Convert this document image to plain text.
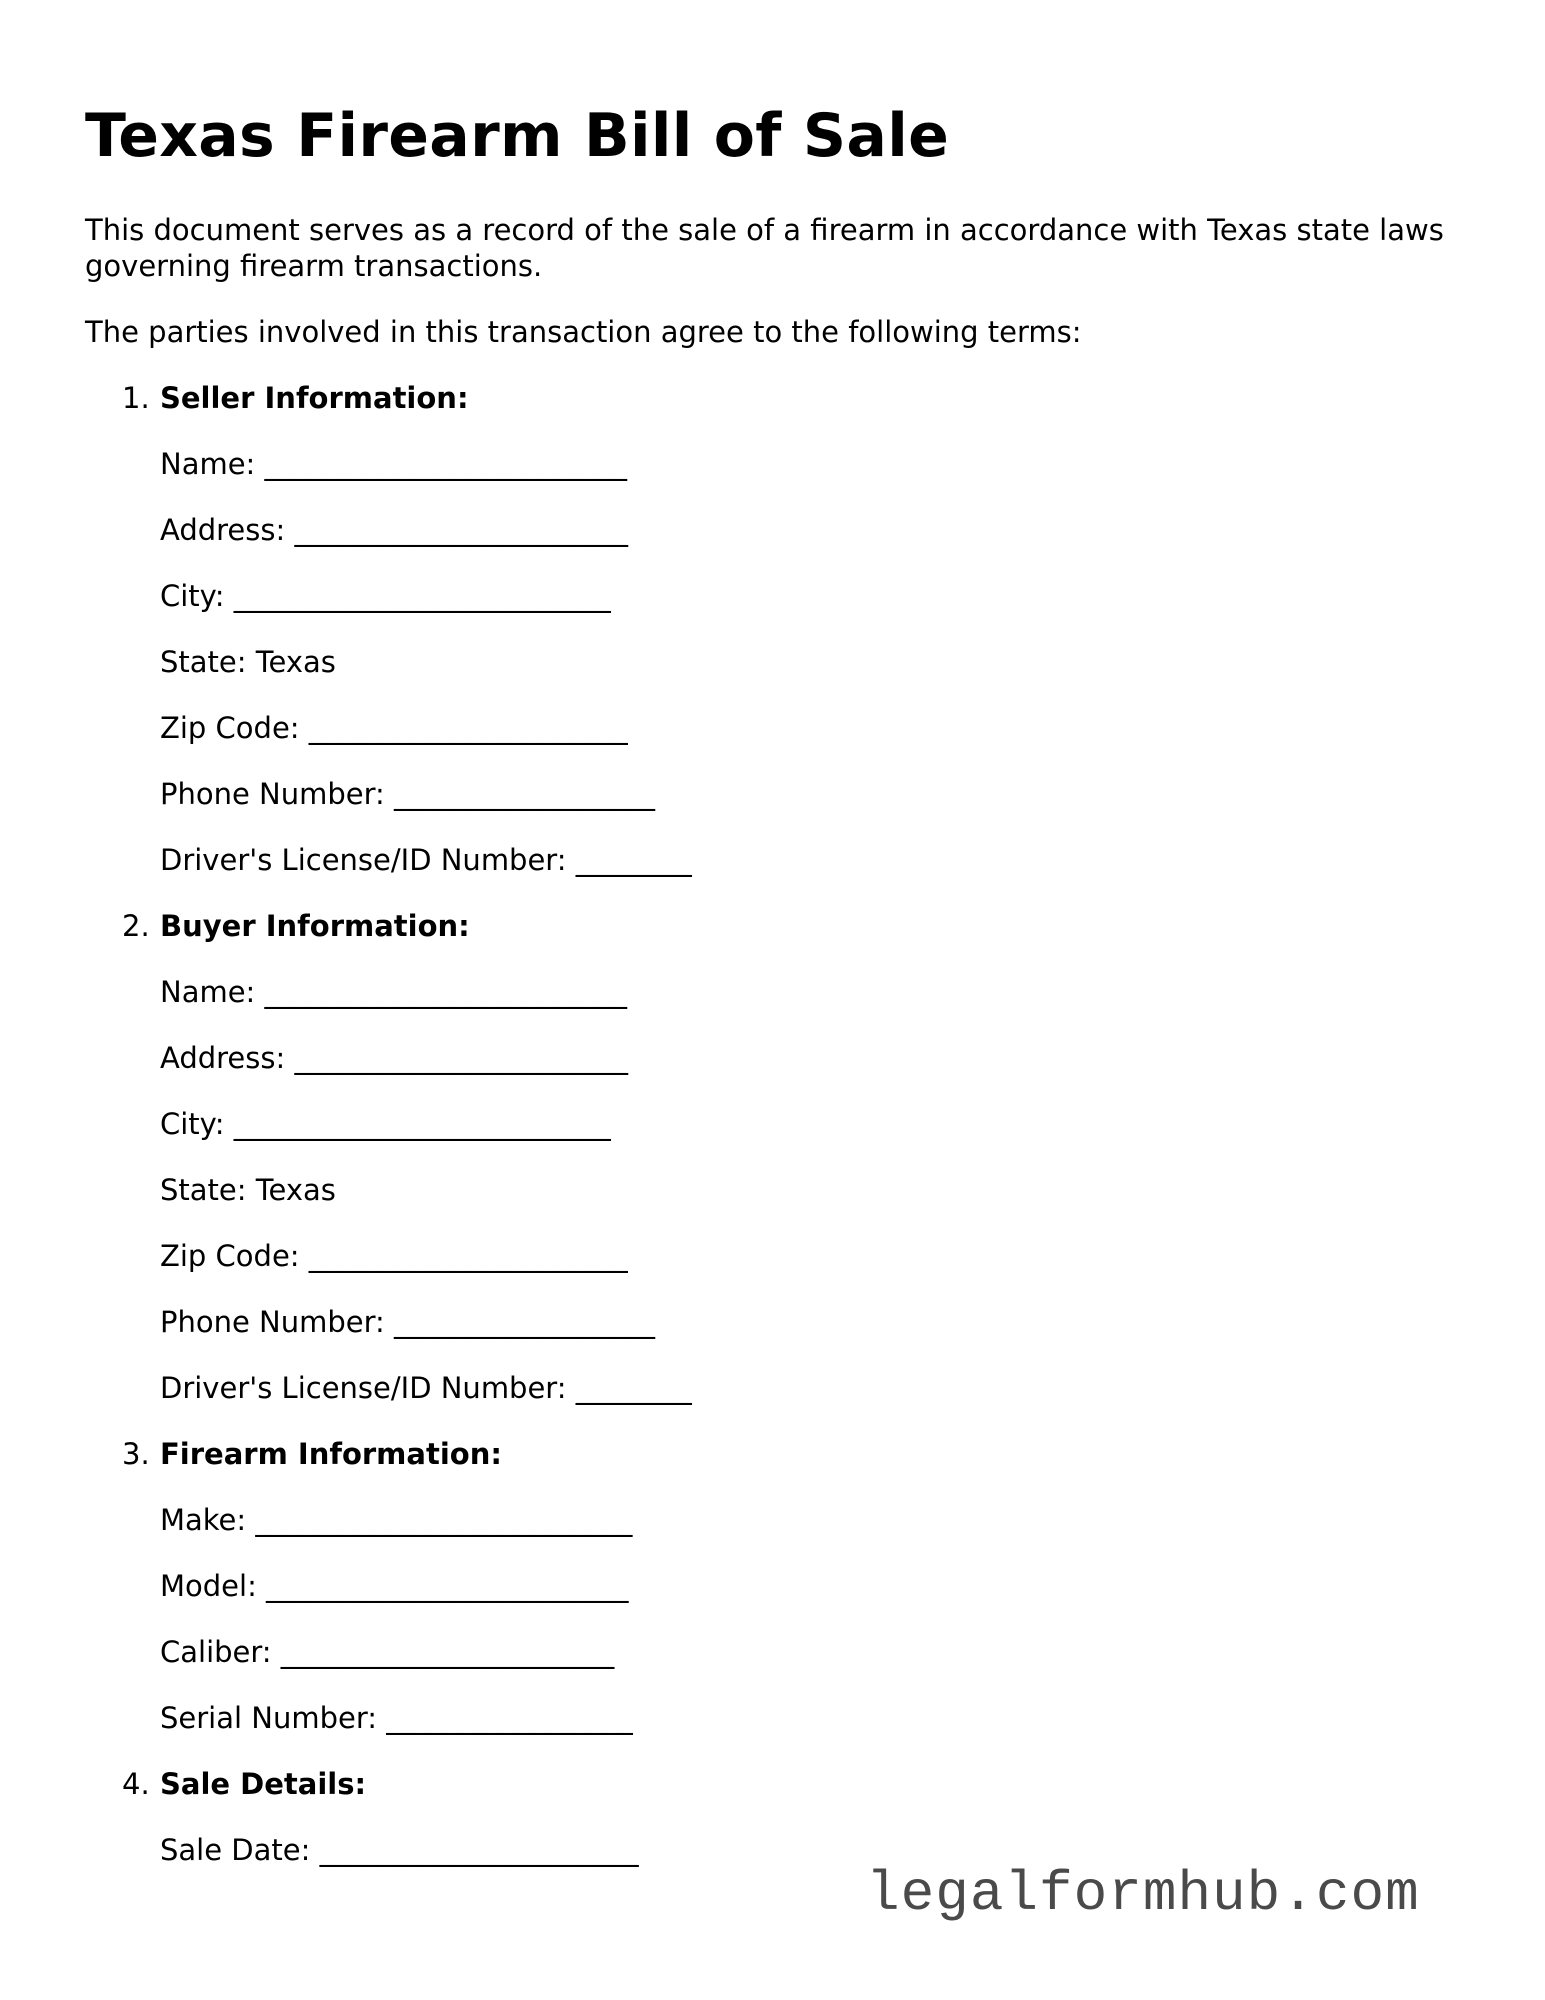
Texas Firearm Bill of Sale

This document serves as a record of the sale of a firearm in accordance with Texas state laws governing firearm transactions.

The parties involved in this transaction agree to the following terms:

1. Seller Information:
Name: _________________________
Address: _______________________
City: __________________________
State: Texas
Zip Code: ______________________
Phone Number: __________________
Driver's License/ID Number: ________
2. Buyer Information:
Name: _________________________
Address: _______________________
City: __________________________
State: Texas
Zip Code: ______________________
Phone Number: __________________
Driver's License/ID Number: ________
3. Firearm Information:
Make: __________________________
Model: _________________________
Caliber: _______________________
Serial Number: _________________
4. Sale Details:
Sale Date: ______________________
legalformhub.com
